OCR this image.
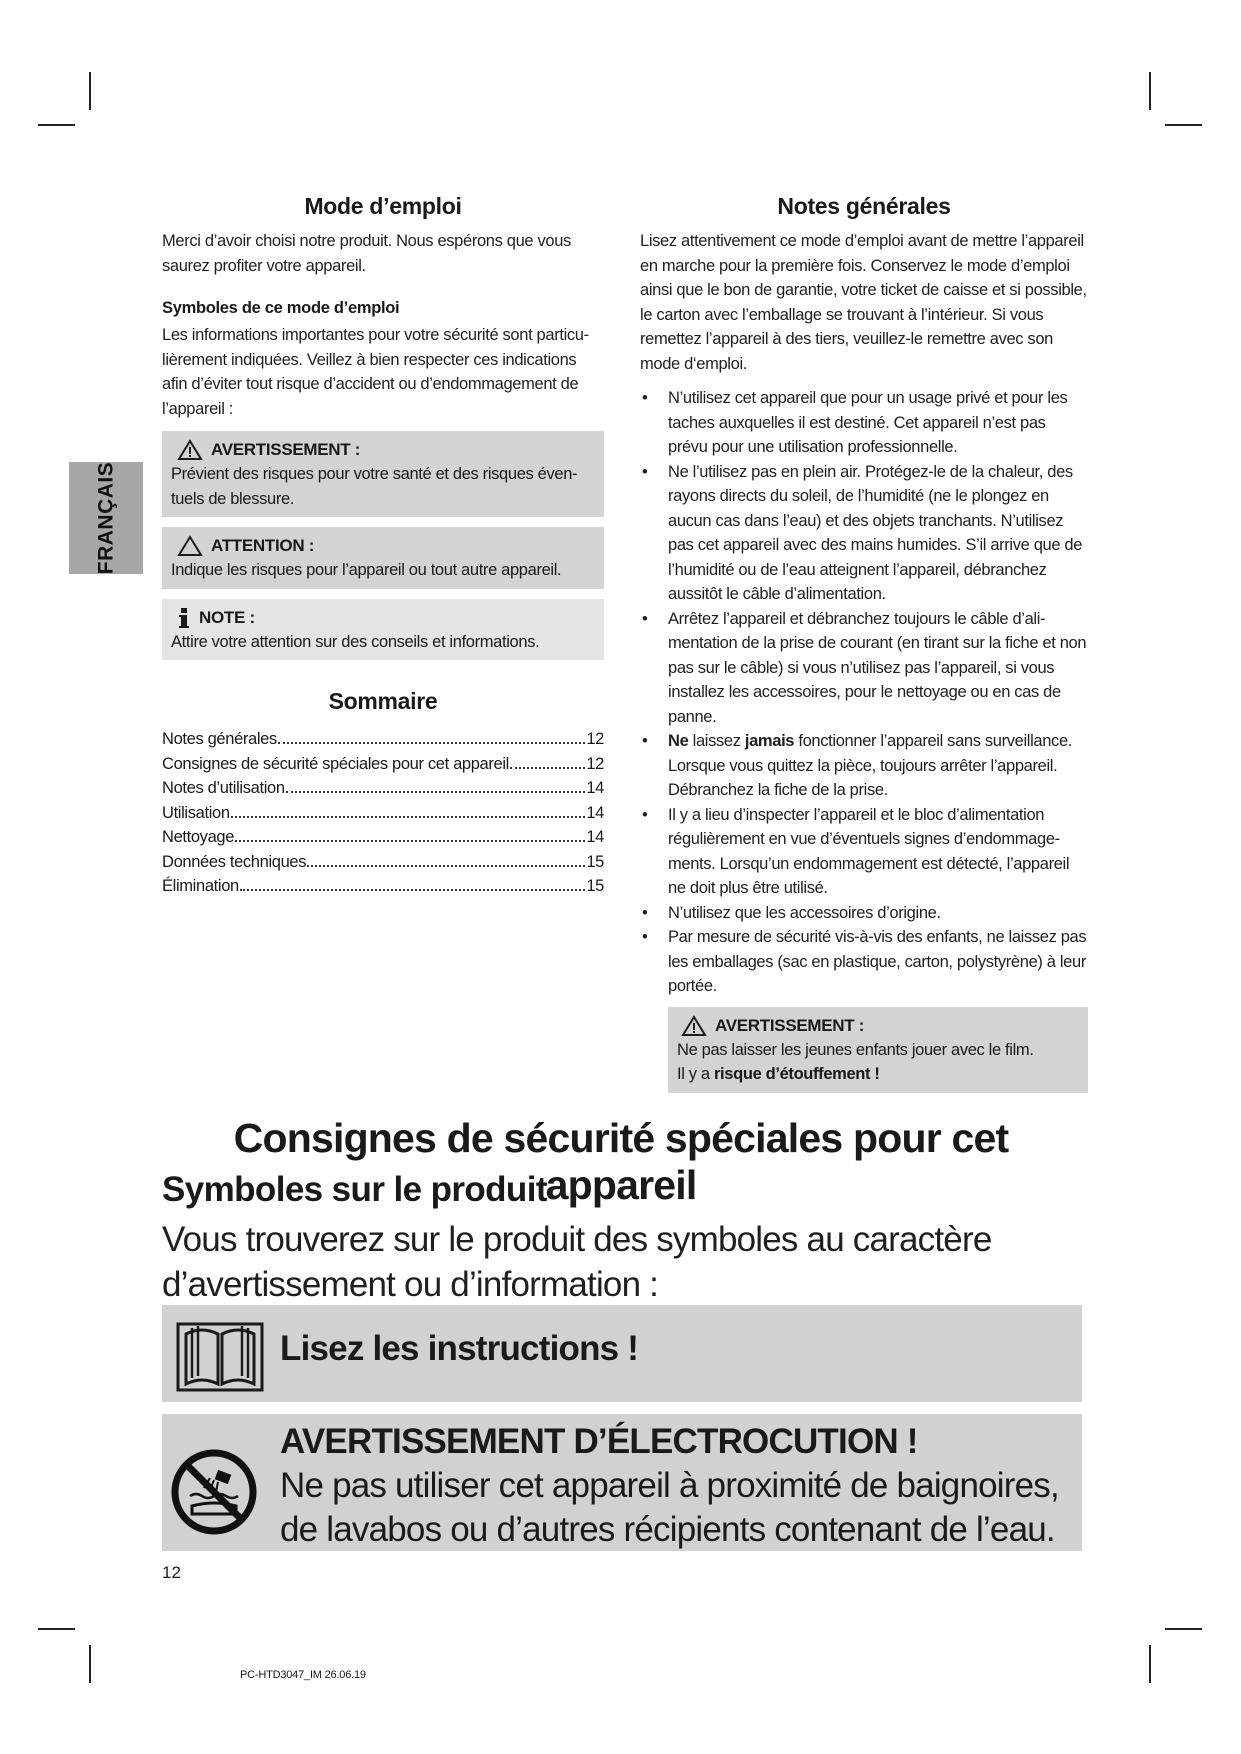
FRANÇAIS
Mode d’emploi

Merci d’avoir choisi notre produit. Nous espérons que vous saurez profiter votre appareil.

Symboles de ce mode d’emploi

Les informations importantes pour votre sécurité sont particulièrement indiquées. Veillez à bien respecter ces indications afin d’éviter tout risque d’accident ou d’endommagement de l’appareil :

AVERTISSEMENT :
Prévient des risques pour votre santé et des risques éventuels de blessure.
ATTENTION :
Indique les risques pour l’appareil ou tout autre appareil.
NOTE :
Attire votre attention sur des conseils et informations.
Sommaire
Notes générales	12
Consignes de sécurité spéciales pour cet appareil	12
Notes d’utilisation	14
Utilisation	14
Nettoyage	14
Données techniques	15
Élimination	15
Notes générales

Lisez attentivement ce mode d’emploi avant de mettre l’appareil en marche pour la première fois. Conservez le mode d’emploi ainsi que le bon de garantie, votre ticket de caisse et si possible, le carton avec l’emballage se trouvant à l’intérieur. Si vous remettez l’appareil à des tiers, veuillez-le remettre avec son mode d‘emploi.

• N’utilisez cet appareil que pour un usage privé et pour les taches auxquelles il est destiné. Cet appareil n’est pas prévu pour une utilisation professionnelle.
• Ne l’utilisez pas en plein air. Protégez-le de la chaleur, des rayons directs du soleil, de l’humidité (ne le plongez en aucun cas dans l’eau) et des objets tranchants. N’utilisez pas cet appareil avec des mains humides. S’il arrive que de l’humidité ou de l’eau atteignent l’appareil, débranchez aussitôt le câble d’alimentation.
• Arrêtez l’appareil et débranchez toujours le câble d’alimentation de la prise de courant (en tirant sur la fiche et non pas sur le câble) si vous n’utilisez pas l’appareil, si vous installez les accessoires, pour le nettoyage ou en cas de panne.
• Ne laissez jamais fonctionner l’appareil sans surveillance. Lorsque vous quittez la pièce, toujours arrêter l’appareil. Débranchez la fiche de la prise.
• Il y a lieu d’inspecter l’appareil et le bloc d’alimentation régulièrement en vue d’éventuels signes d’endommagements. Lorsqu’un endommagement est détecté, l’appareil ne doit plus être utilisé.
• N’utilisez que les accessoires d’origine.
• Par mesure de sécurité vis-à-vis des enfants, ne laissez pas les emballages (sac en plastique, carton, polystyrène) à leur portée.
AVERTISSEMENT :
Ne pas laisser les jeunes enfants jouer avec le film.
Il y a risque d’étouffement !
Consignes de sécurité spéciales pour cet appareil
Symboles sur le produit
Vous trouverez sur le produit des symboles au caractère d’avertissement ou d’information :
Lisez les instructions !
AVERTISSEMENT D’ÉLECTROCUTION !
Ne pas utiliser cet appareil à proximité de baignoires, de lavabos ou d’autres récipients contenant de l’eau.
12
PC-HTD3047_IM 26.06.19
